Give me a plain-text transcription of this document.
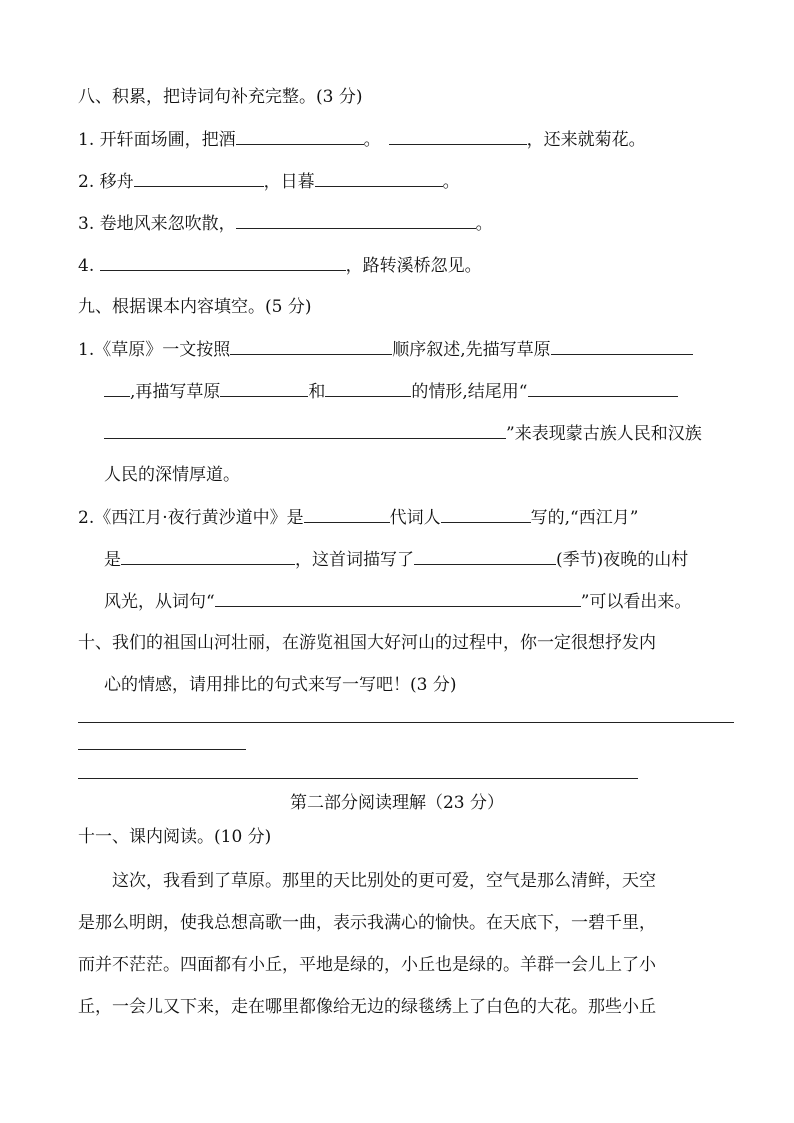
八、积累，把诗词句补充完整。(3 分)
1. 开轩面场圃，把酒	。	，还来就菊花。
2. 移舟	，日暮	。
3. 卷地风来忽吹散，	。
4.	，路转溪桥忽见。
九、根据课本内容填空。(5 分)
1.《草原》一文按照	顺序叙述,先描写草原
,再描写草原	和	的情形,结尾用“
”来表现蒙古族人民和汉族
人民的深情厚道。
2.《西江月·夜行黄沙道中》是	代词人	写的,“西江月”
是	，这首词描写了	(季节)夜晚的山村
风光，从词句“	”可以看出来。
十、我们的祖国山河壮丽，在游览祖国大好河山的过程中，你一定很想抒发内
心的情感，请用排比的句式来写一写吧！(3 分)
第二部分阅读理解（23 分）
十一、课内阅读。(10 分)
这次，我看到了草原。那里的天比别处的更可爱，空气是那么清鲜，天空
是那么明朗，使我总想高歌一曲，表示我满心的愉快。在天底下，一碧千里，
而并不茫茫。四面都有小丘，平地是绿的，小丘也是绿的。羊群一会儿上了小
丘，一会儿又下来，走在哪里都像给无边的绿毯绣上了白色的大花。那些小丘
